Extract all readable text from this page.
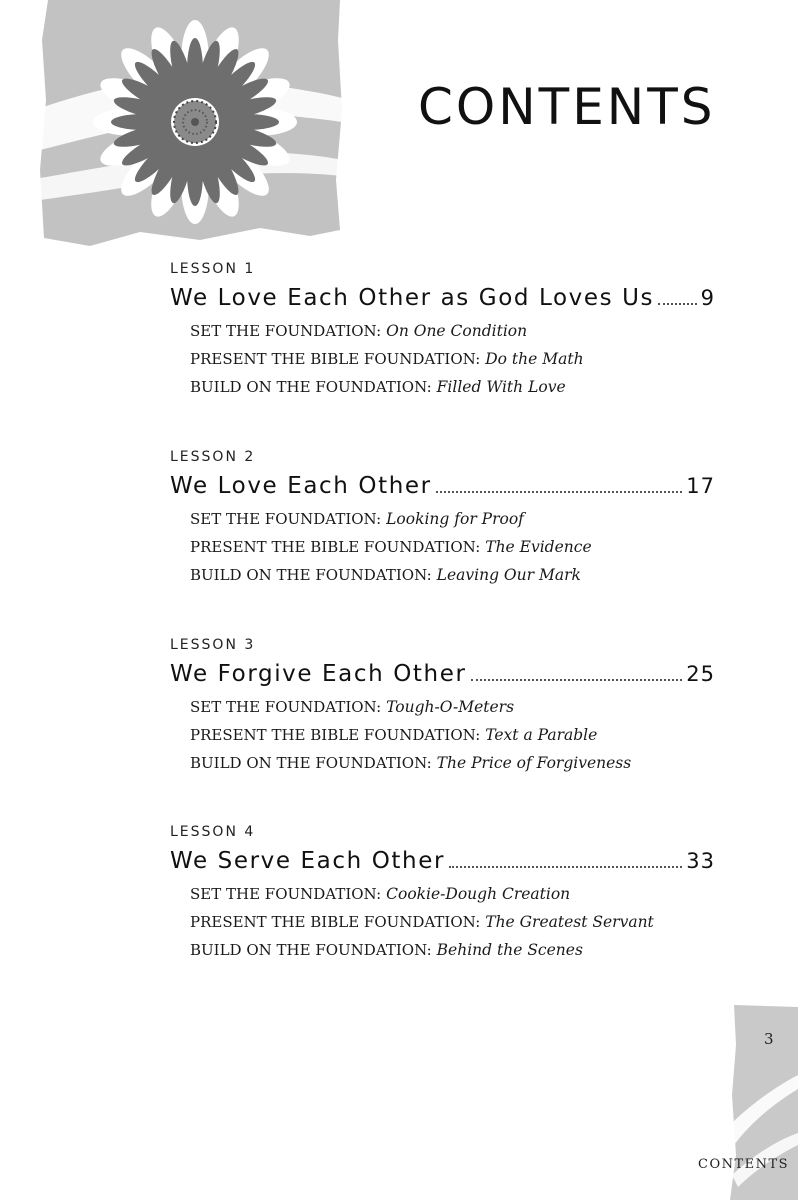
CONTENTS
LESSON 1
We Love Each Other as God Loves Us 9
SET THE FOUNDATION: On One Condition
PRESENT THE BIBLE FOUNDATION: Do the Math
BUILD ON THE FOUNDATION: Filled With Love
LESSON 2
We Love Each Other	17
SET THE FOUNDATION: Looking for Proof
PRESENT THE BIBLE FOUNDATION: The Evidence
BUILD ON THE FOUNDATION: Leaving Our Mark
LESSON 3
We Forgive Each Other	25
SET THE FOUNDATION: Tough-O-Meters
PRESENT THE BIBLE FOUNDATION: Text a Parable
BUILD ON THE FOUNDATION: The Price of Forgiveness
LESSON 4
We Serve Each Other	33
SET THE FOUNDATION: Cookie-Dough Creation
PRESENT THE BIBLE FOUNDATION: The Greatest Servant
BUILD ON THE FOUNDATION: Behind the Scenes
3
CONTENTS
